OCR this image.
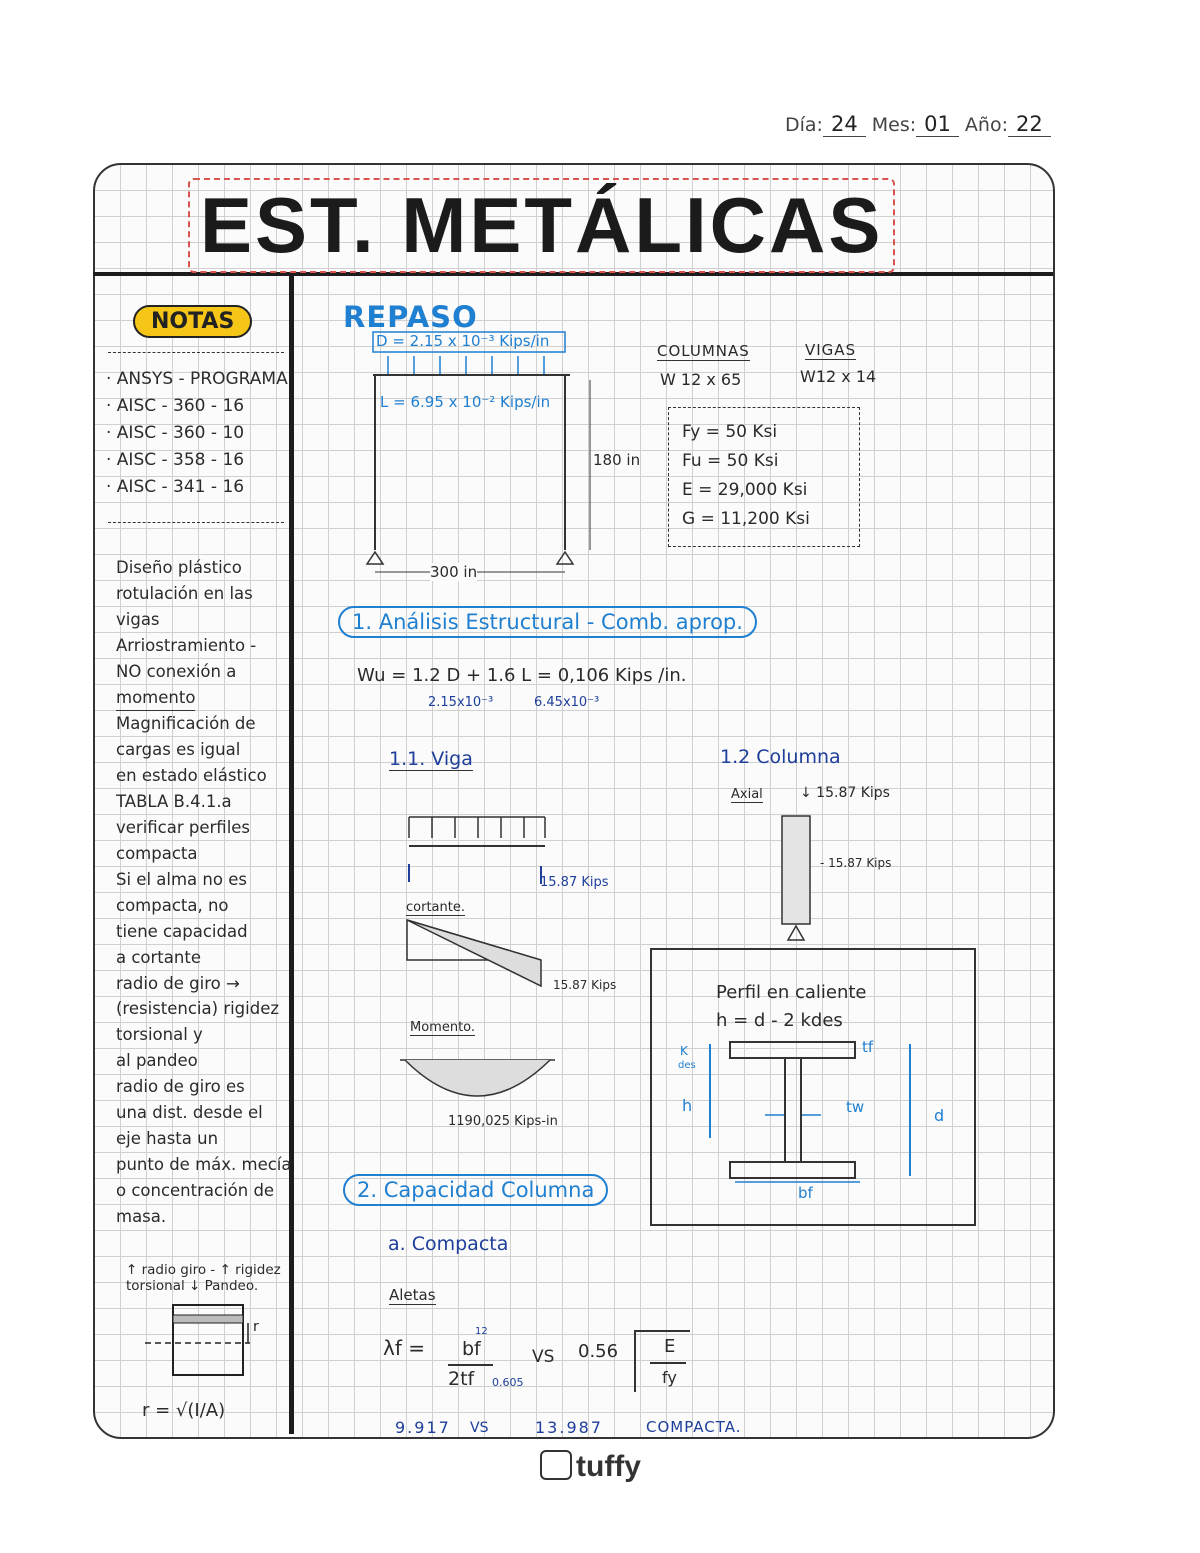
Día: 24 Mes: 01 Año: 22
EST. METÁLICAS
NOTAS
· ANSYS - PROGRAMA
· AISC - 360 - 16
· AISC - 360 - 10
· AISC - 358 - 16
· AISC - 341 - 16
Diseño plástico
rotulación en las
vigas
Arriostramiento -
NO conexión a
momento
Magnificación de
cargas es igual
en estado elástico
TABLA B.4.1.a
verificar perfiles
compacta
Si el alma no es
compacta, no
tiene capacidad
a cortante
radio de giro →
(resistencia) rigidez
torsional y
al pandeo
radio de giro es
una dist. desde el
eje hasta un
punto de máx. mecía
o concentración de
masa.
↑ radio giro - ↑ rigidez
torsional ↓ Pandeo.
r
r = √(I/A)
REPASO
D = 2.15 x 10⁻³ Kips/in
L = 6.95 x 10⁻² Kips/in
180 in
300 in
COLUMNAS	VIGAS
W 12 x 65	W12 x 14
Fy = 50 Ksi
Fu = 50 Ksi
E = 29,000 Ksi
G = 11,200 Ksi
1. Análisis Estructural - Comb. aprop.
Wu = 1.2 D + 1.6 L = 0,106 Kips /in.
2.15x10⁻³	6.45x10⁻³
1.1. Viga	1.2 Columna
Axial	↓ 15.87 Kips
15.87 Kips
cortante.
15.87 Kips
Momento.
1190,025 Kips-in
- 15.87 Kips
Perfil en caliente
h = d - 2 kdes
K
des
h
tf
tw	d
bf
2. Capacidad Columna
a. Compacta
Aletas
λf =
12
bf
2tf 0.605
VS 0.56	E
fy
9.917 VS	13.987	COMPACTA.
tuffy
